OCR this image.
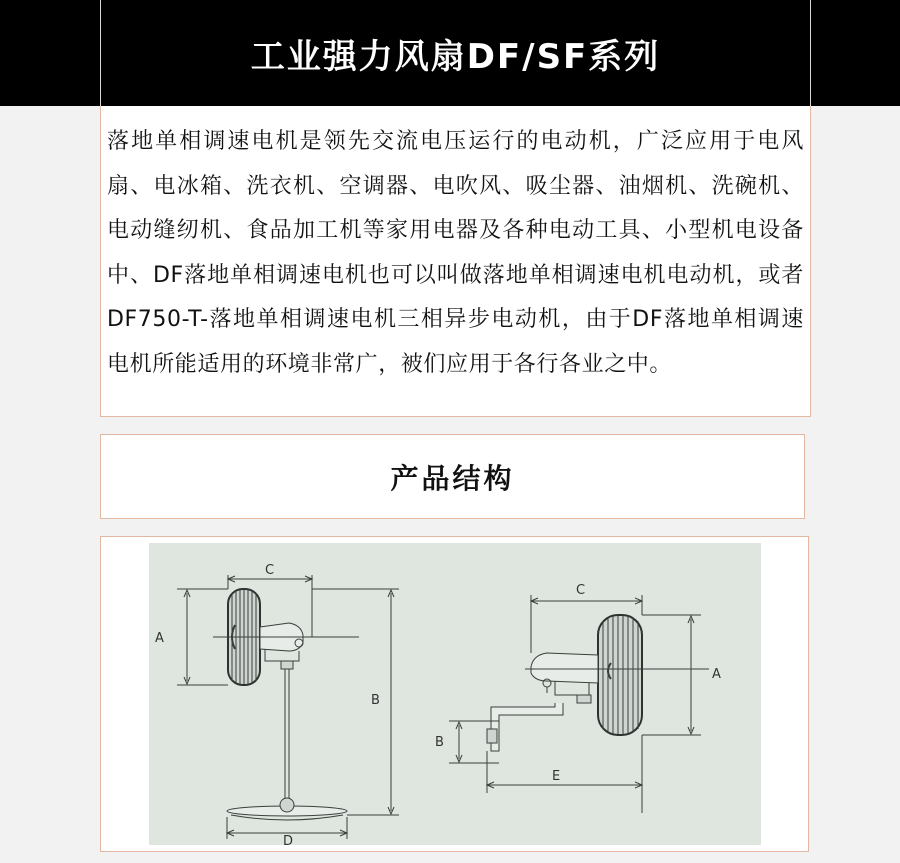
工业强力风扇DF/SF系列

落地单相调速电机是领先交流电压运行的电动机，广泛应用于电风扇、电冰箱、洗衣机、空调器、电吹风、吸尘器、油烟机、洗碗机、电动缝纫机、食品加工机等家用电器及各种电动工具、小型机电设备中、DF落地单相调速电机也可以叫做落地单相调速电机电动机，或者DF750-T-落地单相调速电机三相异步电动机，由于DF落地单相调速电机所能适用的环境非常广，被们应用于各行各业之中。

产品结构
A
C
B
D
C
A
B
E
